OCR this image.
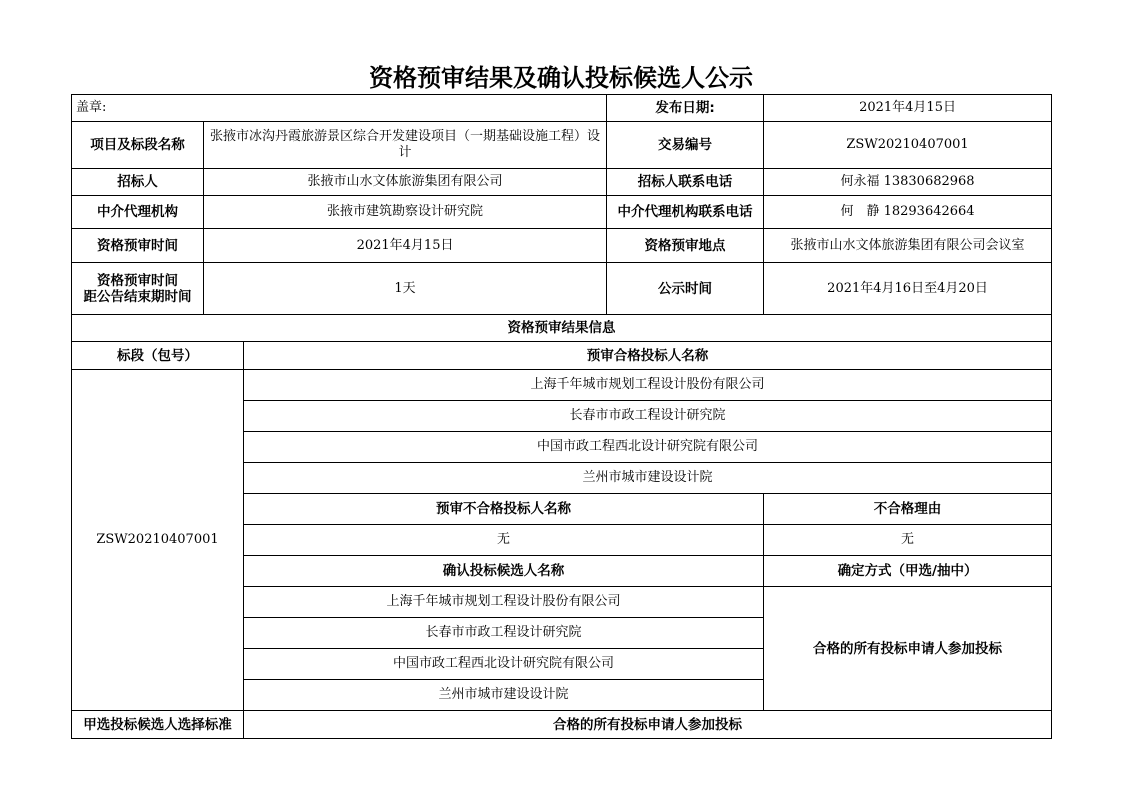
资格预审结果及确认投标候选人公示
盖章:			发布日期:	2021年4月15日
项目及标段名称	张掖市冰沟丹霞旅游景区综合开发建设项目（一期基础设施工程）设计		交易编号	ZSW20210407001
招标人	张掖市山水文体旅游集团有限公司		招标人联系电话	何永福 13830682968
中介代理机构	张掖市建筑勘察设计研究院		中介代理机构联系电话	何　静 18293642664
资格预审时间	2021年4月15日		资格预审地点	张掖市山水文体旅游集团有限公司会议室

资格预审时间
距公告结束期时间	1天		公示时间	2021年4月16日至4月20日
资格预审结果信息				
标段（包号）		预审合格投标人名称		
ZSW20210407001		上海千年城市规划工程设计股份有限公司		
		长春市市政工程设计研究院		
		中国市政工程西北设计研究院有限公司		
		兰州市城市建设设计院		
		预审不合格投标人名称		不合格理由
		无		无
		确认投标候选人名称		确定方式（甲选/抽中）
		上海千年城市规划工程设计股份有限公司		合格的所有投标申请人参加投标
		长春市市政工程设计研究院		
		中国市政工程西北设计研究院有限公司		
		兰州市城市建设设计院		
甲选投标候选人选择标准		合格的所有投标申请人参加投标		
